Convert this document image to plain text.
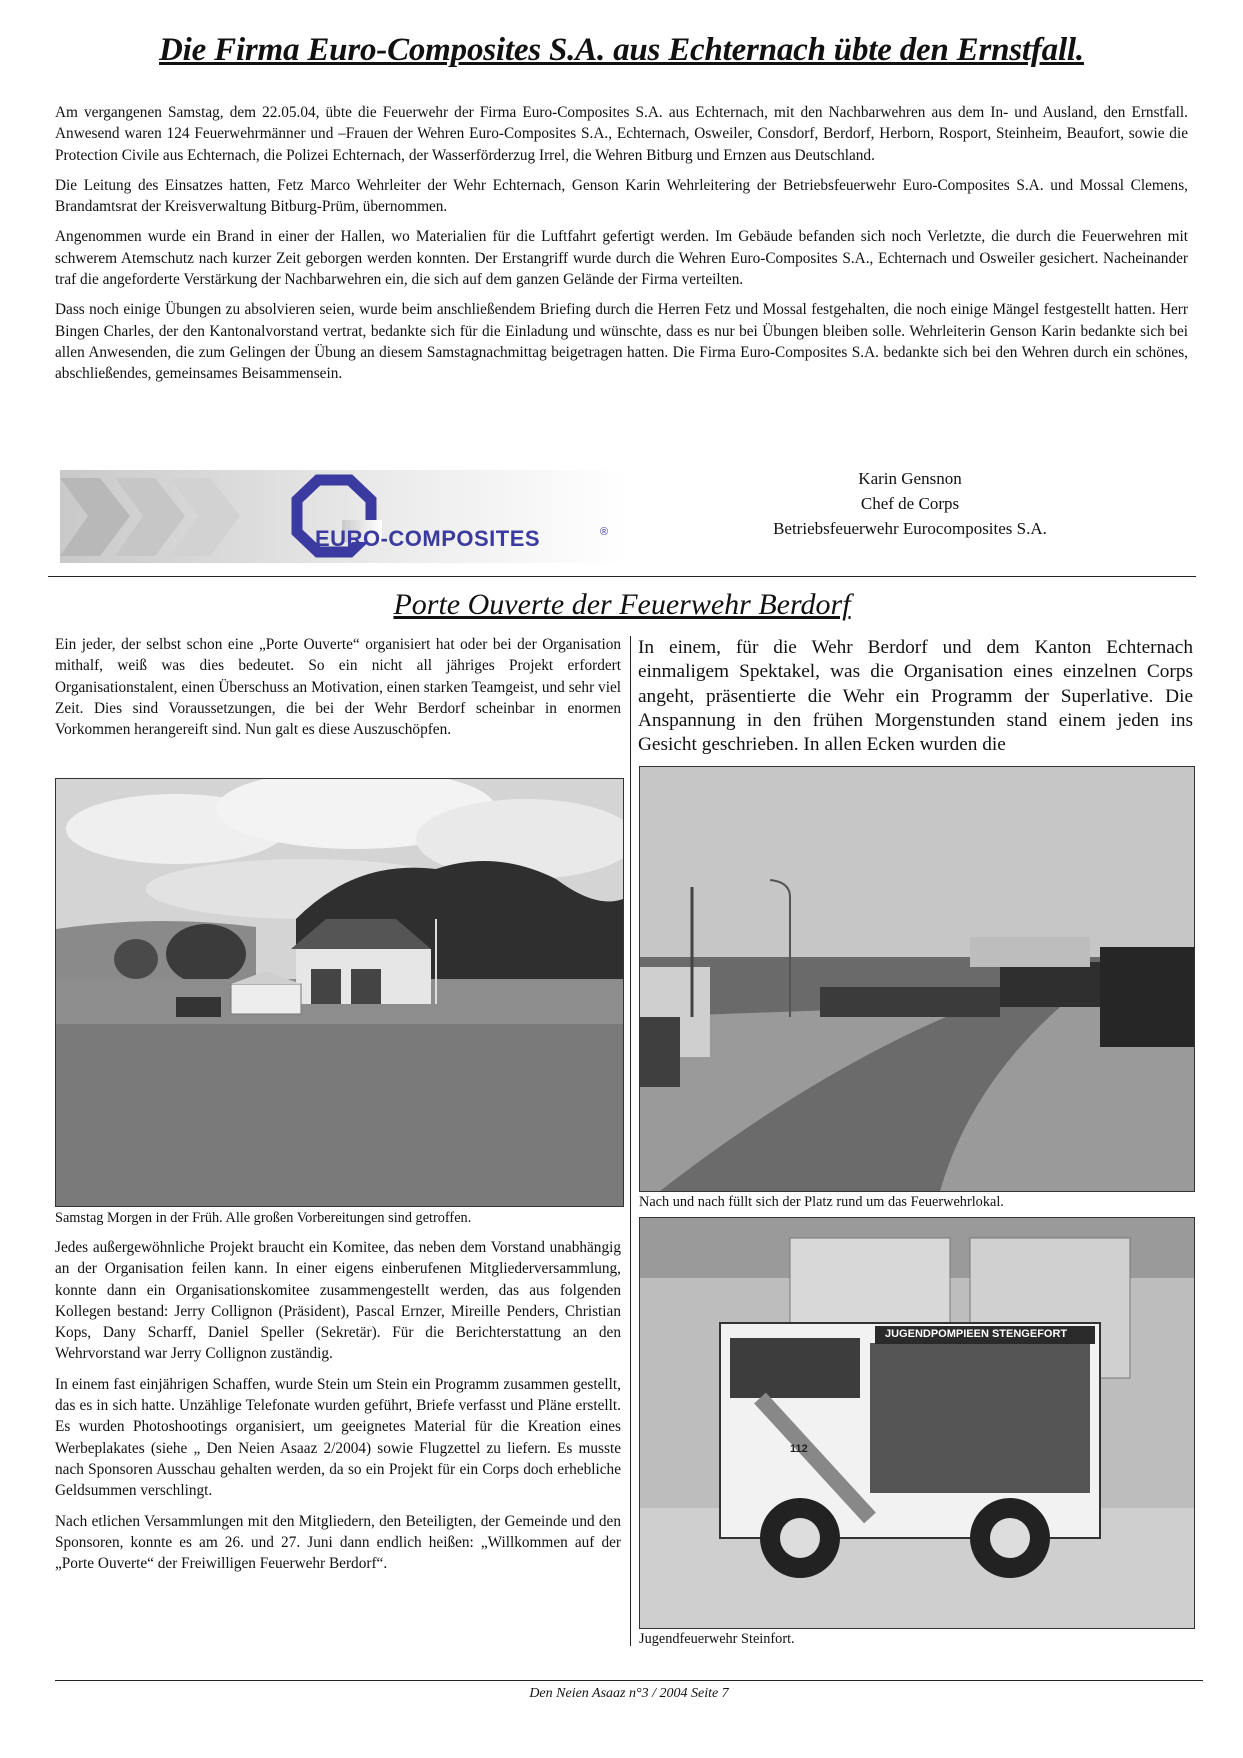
Die Firma Euro-Composites S.A. aus Echternach übte den Ernstfall.

Am vergangenen Samstag, dem 22.05.04, übte die Feuerwehr der Firma Euro-Composites S.A. aus Echternach, mit den Nachbarwehren aus dem In- und Ausland, den Ernstfall. Anwesend waren 124 Feuerwehrmänner und –Frauen der Wehren Euro-Composites S.A., Echternach, Osweiler, Consdorf, Berdorf, Herborn, Rosport, Steinheim, Beaufort, sowie die Protection Civile aus Echternach, die Polizei Echternach, der Wasserförderzug Irrel, die Wehren Bitburg und Ernzen aus Deutschland.

Die Leitung des Einsatzes hatten, Fetz Marco Wehrleiter der Wehr Echternach, Genson Karin Wehrleitering der Betriebsfeuerwehr Euro-Composites S.A. und Mossal Clemens, Brandamtsrat der Kreisverwaltung Bitburg-Prüm, übernommen.

Angenommen wurde ein Brand in einer der Hallen, wo Materialien für die Luftfahrt gefertigt werden. Im Gebäude befanden sich noch Verletzte, die durch die Feuerwehren mit schwerem Atemschutz nach kurzer Zeit geborgen werden konnten. Der Erstangriff wurde durch die Wehren Euro-Composites S.A., Echternach und Osweiler gesichert. Nacheinander traf die angeforderte Verstärkung der Nachbarwehren ein, die sich auf dem ganzen Gelände der Firma verteilten.

Dass noch einige Übungen zu absolvieren seien, wurde beim anschließendem Briefing durch die Herren Fetz und Mossal festgehalten, die noch einige Mängel festgestellt hatten. Herr Bingen Charles, der den Kantonalvorstand vertrat, bedankte sich für die Einladung und wünschte, dass es nur bei Übungen bleiben solle. Wehrleiterin Genson Karin bedankte sich bei allen Anwesenden, die zum Gelingen der Übung an diesem Samstagnachmittag beigetragen hatten. Die Firma Euro-Composites S.A. bedankte sich bei den Wehren durch ein schönes, abschließendes, gemeinsames Beisammensein.

EURO-COMPOSITES	®
Karin Gensnon
Chef de Corps
Betriebsfeuerwehr Eurocomposites S.A.
Porte Ouverte der Feuerwehr Berdorf

Ein jeder, der selbst schon eine „Porte Ouverte“ organisiert hat oder bei der Organisation mithalf, weiß was dies bedeutet. So ein nicht all jähriges Projekt erfordert Organisationstalent, einen Überschuss an Motivation, einen starken Teamgeist, und sehr viel Zeit. Dies sind Voraussetzungen, die bei der Wehr Berdorf scheinbar in enormen Vorkommen herangereift sind. Nun galt es diese Auszuschöpfen.

In einem, für die Wehr Berdorf und dem Kanton Echternach einmaligem Spektakel, was die Organisation eines einzelnen Corps angeht, präsentierte die Wehr ein Programm der Superlative. Die Anspannung in den frühen Morgenstunden stand einem jeden ins Gesicht geschrieben. In allen Ecken wurden die

Samstag Morgen in der Früh. Alle großen Vorbereitungen sind getroffen.

Jedes außergewöhnliche Projekt braucht ein Komitee, das neben dem Vorstand unabhängig an der Organisation feilen kann. In einer eigens einberufenen Mitgliederversammlung, konnte dann ein Organisationskomitee zusammengestellt werden, das aus folgenden Kollegen bestand: Jerry Collignon (Präsident), Pascal Ernzer, Mireille Penders, Christian Kops, Dany Scharff, Daniel Speller (Sekretär). Für die Berichterstattung an den Wehrvorstand war Jerry Collignon zuständig.

In einem fast einjährigen Schaffen, wurde Stein um Stein ein Programm zusammen gestellt, das es in sich hatte. Unzählige Telefonate wurden geführt, Briefe verfasst und Pläne erstellt. Es wurden Photoshootings organisiert, um geeignetes Material für die Kreation eines Werbeplakates (siehe „ Den Neien Asaaz 2/2004) sowie Flugzettel zu liefern. Es musste nach Sponsoren Ausschau gehalten werden, da so ein Projekt für ein Corps doch erhebliche Geldsummen verschlingt.

Nach etlichen Versammlungen mit den Mitgliedern, den Beteiligten, der Gemeinde und den Sponsoren, konnte es am 26. und 27. Juni dann endlich heißen: „Willkommen auf der „Porte Ouverte“ der Freiwilligen Feuerwehr Berdorf“.

Nach und nach füllt sich der Platz rund um das Feuerwehrlokal.
JUGENDPOMPIEEN STENGEFORT
112
Jugendfeuerwehr Steinfort.
Den Neien Asaaz n°3 / 2004 Seite 7
